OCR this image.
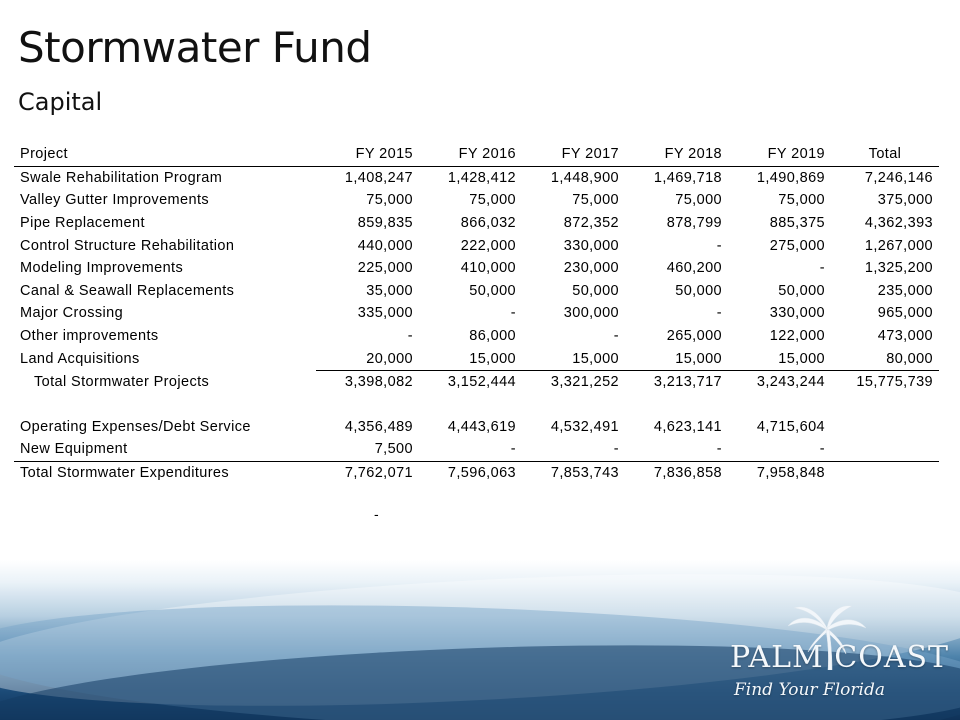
Stormwater Fund
Capital
Project	FY 2015	FY 2016	FY 2017	FY 2018	FY 2019	Total
Swale Rehabilitation Program	1,408,247	1,428,412	1,448,900	1,469,718	1,490,869	7,246,146
Valley Gutter Improvements	75,000	75,000	75,000	75,000	75,000	375,000
Pipe Replacement	859,835	866,032	872,352	878,799	885,375	4,362,393
Control Structure Rehabilitation	440,000	222,000	330,000	-	275,000	1,267,000
Modeling Improvements	225,000	410,000	230,000	460,200	-	1,325,200
Canal & Seawall Replacements	35,000	50,000	50,000	50,000	50,000	235,000
Major Crossing	335,000	-	300,000	-	330,000	965,000
Other improvements	-	86,000	-	265,000	122,000	473,000
Land Acquisitions	20,000	15,000	15,000	15,000	15,000	80,000
Total Stormwater Projects	3,398,082	3,152,444	3,321,252	3,213,717	3,243,244	15,775,739

Operating Expenses/Debt Service	4,356,489	4,443,619	4,532,491	4,623,141	4,715,604	
New Equipment	7,500	-	-	-	-	
Total Stormwater Expenditures	7,762,071	7,596,063	7,853,743	7,836,858	7,958,848	
-
PALM COAST
Find Your Florida
